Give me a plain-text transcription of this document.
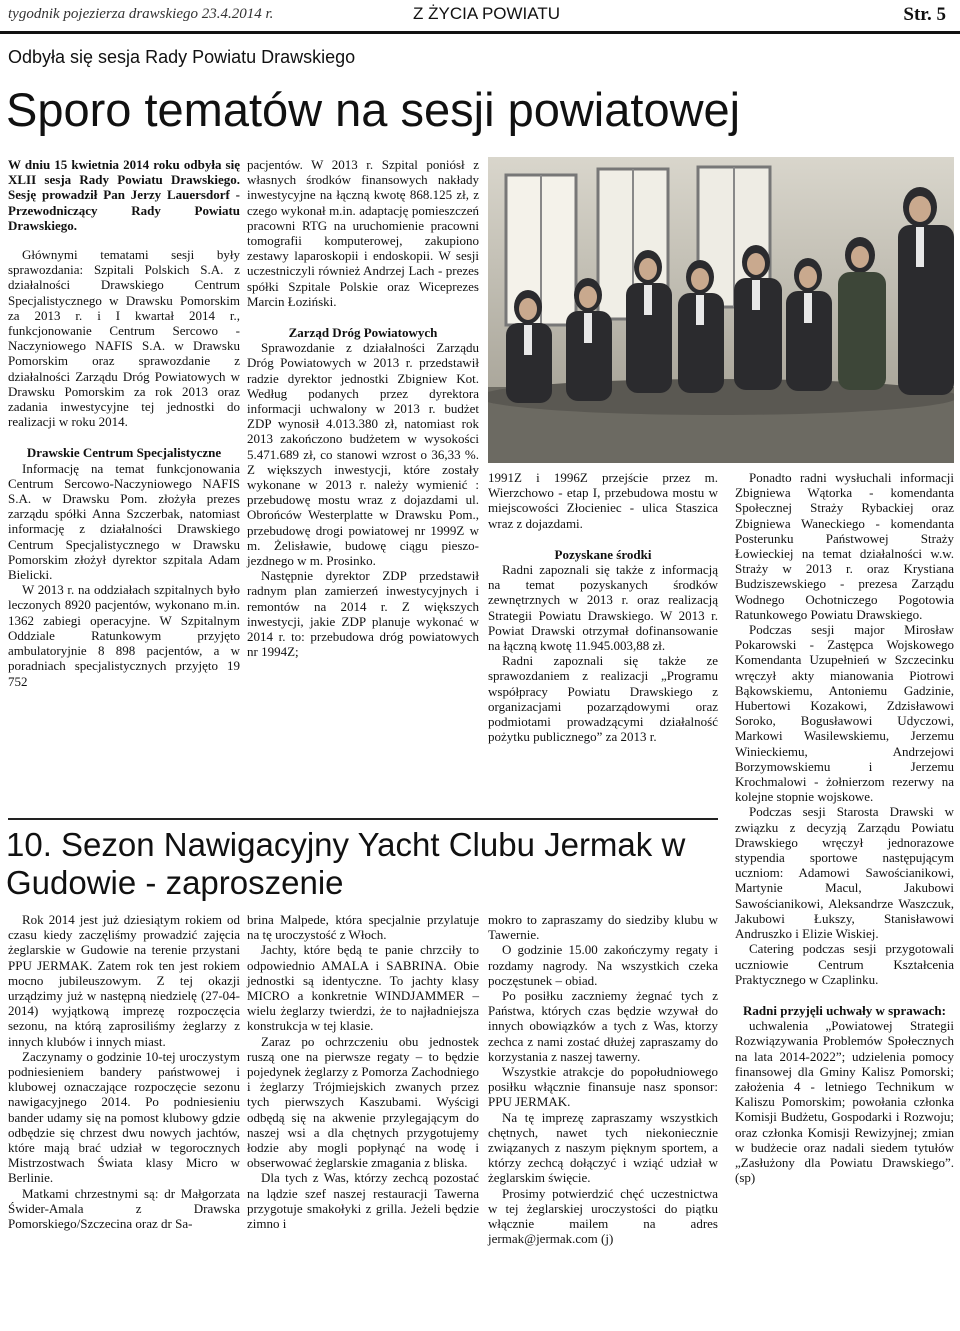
tygodnik pojezierza drawskiego 23.4.2014 r.	Z ŻYCIA POWIATU	Str. 5
Odbyła się sesja Rady Powiatu Drawskiego
Sporo tematów na sesji powiatowej

W dniu 15 kwietnia 2014 roku odbyła się XLII sesja Rady Powiatu Drawskiego. Sesję prowadził Pan Jerzy Lauersdorf - Przewodniczący Rady Powiatu Drawskiego.

Głównymi tematami sesji były sprawozdania: Szpitali Polskich S.A. z działalności Drawskiego Centrum Specjalistycznego w Drawsku Pomorskim za 2013 r. i I kwartał 2014 r., funkcjonowanie Centrum Sercowo - Naczyniowego NAFIS S.A. w Drawsku Pomorskim oraz sprawozdanie z działalności Zarządu Dróg Powiatowych w Drawsku Pomorskim za rok 2013 oraz zadania inwestycyjne tej jednostki do realizacji w roku 2014.

Drawskie Centrum Specjalistyczne

Informację na temat funkcjonowania Centrum Sercowo-Naczyniowego NAFIS S.A. w Drawsku Pom. złożyła prezes zarządu spółki Anna Szczerbak, natomiast informację z działalności Drawskiego Centrum Specjalistycznego w Drawsku Pomorskim złożył dyrektor szpitala Adam Bielicki.

W 2013 r. na oddziałach szpitalnych było leczonych 8920 pacjentów, wykonano m.in. 1362 zabiegi operacyjne. W Szpitalnym Oddziale Ratunkowym przyjęto ambulatoryjnie 8 898 pacjentów, a w poradniach specjalistycznych przyjęto 19 752

pacjentów. W 2013 r. Szpital poniósł z własnych środków finansowych nakłady inwestycyjne na łączną kwotę 868.125 zł, z czego wykonał m.in. adaptację pomieszczeń pracowni RTG na uruchomienie pracowni tomografii komputerowej, zakupiono zestawy laparoskopii i endoskopii. W sesji uczestniczyli również Andrzej Lach - prezes spółki Szpitale Polskie oraz Wiceprezes Marcin Łoziński.

Zarząd Dróg Powiatowych

Sprawozdanie z działalności Zarządu Dróg Powiatowych w 2013 r. przedstawił radzie dyrektor jednostki Zbigniew Kot. Według podanych przez dyrektora informacji uchwalony w 2013 r. budżet ZDP wynosił 4.013.380 zł, natomiast rok 2013 zakończono budżetem w wysokości 5.471.689 zł, co stanowi wzrost o 36,33 %. Z większych inwestycji, które zostały wykonane w 2013 r. należy wymienić : przebudowę mostu wraz z dojazdami ul. Obrońców Westerplatte w Drawsku Pom., przebudowę drogi powiatowej nr 1999Z w m. Żelisławie, budowę ciągu pieszo- jezdnego w m. Prosinko.

Następnie dyrektor ZDP przedstawił radnym plan zamierzeń inwestycyjnych i remontów na 2014 r. Z większych inwestycji, jakie ZDP planuje wykonać w 2014 r. to: przebudowa dróg powiatowych nr 1994Z;

1991Z i 1996Z przejście przez m. Wierzchowo - etap I, przebudowa mostu w miejscowości Złocieniec - ulica Staszica wraz z dojazdami.

Pozyskane środki

Radni zapoznali się także z informacją na temat pozyskanych środków zewnętrznych w 2013 r. oraz realizacją Strategii Powiatu Drawskiego. W 2013 r. Powiat Drawski otrzymał dofinansowanie na łączną kwotę 11.945.003,88 zł.

Radni zapoznali się także ze sprawozdaniem z realizacji „Programu współpracy Powiatu Drawskiego z organizacjami pozarządowymi oraz podmiotami prowadzącymi działalność pożytku publicznego” za 2013 r.

Ponadto radni wysłuchali informacji Zbigniewa Wątorka - komendanta Społecznej Straży Rybackiej oraz Zbigniewa Waneckiego - komendanta Posterunku Państwowej Straży Łowieckiej na temat działalności w.w. Straży w 2013 r. oraz Krystiana Budziszewskiego - prezesa Zarządu Wodnego Ochotniczego Pogotowia Ratunkowego Powiatu Drawskiego.

Podczas sesji major Mirosław Pokarowski - Zastępca Wojskowego Komendanta Uzupełnień w Szczecinku wręczył akty mianowania Piotrowi Bąkowskiemu, Antoniemu Gadzinie, Hubertowi Kozakowi, Zdzisławowi Soroko, Bogusławowi Udyczowi, Markowi Wasilewskiemu, Jerzemu Winieckiemu, Andrzejowi Borzymowskiemu i Jerzemu Krochmalowi - żołnierzom rezerwy na kolejne stopnie wojskowe.

Podczas sesji Starosta Drawski w związku z decyzją Zarządu Powiatu Drawskiego wręczył jednorazowe stypendia sportowe następującym uczniom: Adamowi Sawościanikowi, Martynie Macul, Jakubowi Sawościanikowi, Aleksandrze Waszczuk, Jakubowi Łukszy, Stanisławowi Andruszko i Elizie Wiskiej.

Catering podczas sesji przygotowali uczniowie Centrum Kształcenia Praktycznego w Czaplinku.

Radni przyjęli uchwały w sprawach:

uchwalenia „Powiatowej Strategii Rozwiązywania Problemów Społecznych na lata 2014-2022”; udzielenia pomocy finansowej dla Gminy Kalisz Pomorski; założenia 4 - letniego Technikum w Kaliszu Pomorskim; powołania członka Komisji Budżetu, Gospodarki i Rozwoju; oraz członka Komisji Rewizyjnej; zmian w budżecie oraz nadali siedem tytułów „Zasłużony dla Powiatu Drawskiego”. (sp)

10. Sezon Nawigacyjny Yacht Clubu Jermak w Gudowie - zaproszenie

Rok 2014 jest już dziesiątym rokiem od czasu kiedy zaczęliśmy prowadzić zajęcia żeglarskie w Gudowie na terenie przystani PPU JERMAK. Zatem rok ten jest rokiem mocno jubileuszowym. Z tej okazji urządzimy już w następną niedzielę (27-04-2014) wyjątkową imprezę rozpoczęcia sezonu, na którą zaprosiliśmy żeglarzy z innych klubów i innych miast.

Zaczynamy o godzinie 10-tej uroczystym podniesieniem bandery państwowej i klubowej oznaczające rozpoczęcie sezonu nawigacyjnego 2014. Po podniesieniu bander udamy się na pomost klubowy gdzie odbędzie się chrzest dwu nowych jachtów, które mają brać udział w tegorocznych Mistrzostwach Świata klasy Micro w Berlinie.

Matkami chrzestnymi są: dr Małgorzata Świder-Amala z Drawska Pomorskiego/Szczecina oraz dr Sa-

brina Malpede, która specjalnie przylatuje na tę uroczystość z Włoch.

Jachty, które będą te panie chrzciły to odpowiednio AMALA i SABRINA. Obie jednostki są identyczne. To jachty klasy MICRO a konkretnie WINDJAMMER – wielu żeglarzy twierdzi, że to najładniejsza konstrukcja w tej klasie.

Zaraz po ochrzczeniu obu jednostek ruszą one na pierwsze regaty – to będzie pojedynek żeglarzy z Pomorza Zachodniego i żeglarzy Trójmiejskich zwanych przez tych pierwszych Kaszubami. Wyścigi odbędą się na akwenie przylegającym do naszej wsi a dla chętnych przygotujemy łodzie aby mogli popłynąć na wodę i obserwować żeglarskie zmagania z bliska.

Dla tych z Was, którzy zechcą pozostać na lądzie szef naszej restauracji Tawerna przygotuje smakołyki z grilla. Jeżeli będzie zimno i

mokro to zapraszamy do siedziby klubu w Tawernie.

O godzinie 15.00 zakończymy regaty i rozdamy nagrody. Na wszystkich czeka poczęstunek – obiad.

Po posiłku zaczniemy żegnać tych z Państwa, których czas będzie wzywał do innych obowiązków a tych z Was, ktorzy zechca z nami zostać dłużej zapraszamy do korzystania z naszej tawerny.

Wszystkie atrakcje do popołudniowego posiłku włącznie finansuje nasz sponsor: PPU JERMAK.

Na tę imprezę zapraszamy wszystkich chętnych, nawet tych niekoniecznie związanych z naszym pięknym sportem, a którzy zechcą dołączyć i wziąć udział w żeglarskim święcie.

Prosimy potwierdzić chęć uczestnictwa w tej żeglarskiej uroczystości do piątku włącznie mailem na adres jermak@jermak.com (j)
